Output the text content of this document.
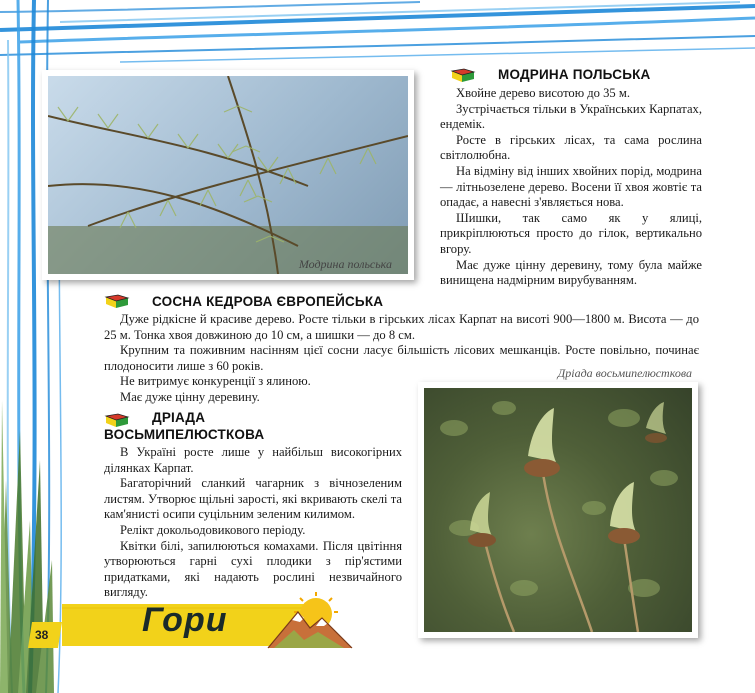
Модрина польська
МОДРИНА ПОЛЬСЬКА

Хвойне дерево висотою до 35 м.

Зустрічається тільки в Українських Карпатах, ендемік.

Росте в гірських лісах, та сама рослина світлолюбна.

На відміну від інших хвойних порід, модрина — літньозелене дерево. Восени її хвоя жовтіє та опадає, а навесні з'являється нова.

Шишки, так само як у ялиці, прикріплюються просто до гілок, вертикально вгору.

Має дуже цінну деревину, тому була майже винищена надмірним вирубуванням.

СОСНА КЕДРОВА ЄВРОПЕЙСЬКА

Дуже рідкісне й красиве дерево. Росте тільки в гірських лісах Карпат на висоті 900—1800 м. Висота — до 25 м. Тонка хвоя довжиною до 10 см, а шишки — до 8 см.

Крупним та поживним насінням цієї сосни ласує більшість лісових мешканців. Росте повільно, починає плодоносити лише з 60 років.

Не витримує конкуренції з ялиною.

Має дуже цінну деревину.

Дріада восьмипелюсткова
ДРІАДА
ВОСЬМИПЕЛЮСТКОВА

В Україні росте лише у найбільш високогірних ділянках Карпат.

Багаторічний сланкий чагарник з вічнозеленим листям. Утворює щільні зарості, які вкривають скелі та кам'янисті осипи суцільним зеленим килимом.

Релікт докольодовикового періоду.

Квітки білі, запилюються комахами. Після цвітіння утворюються гарні сухі плодики з пір'ястими придатками, які надають рослині незвичайного вигляду.

Гори
38
